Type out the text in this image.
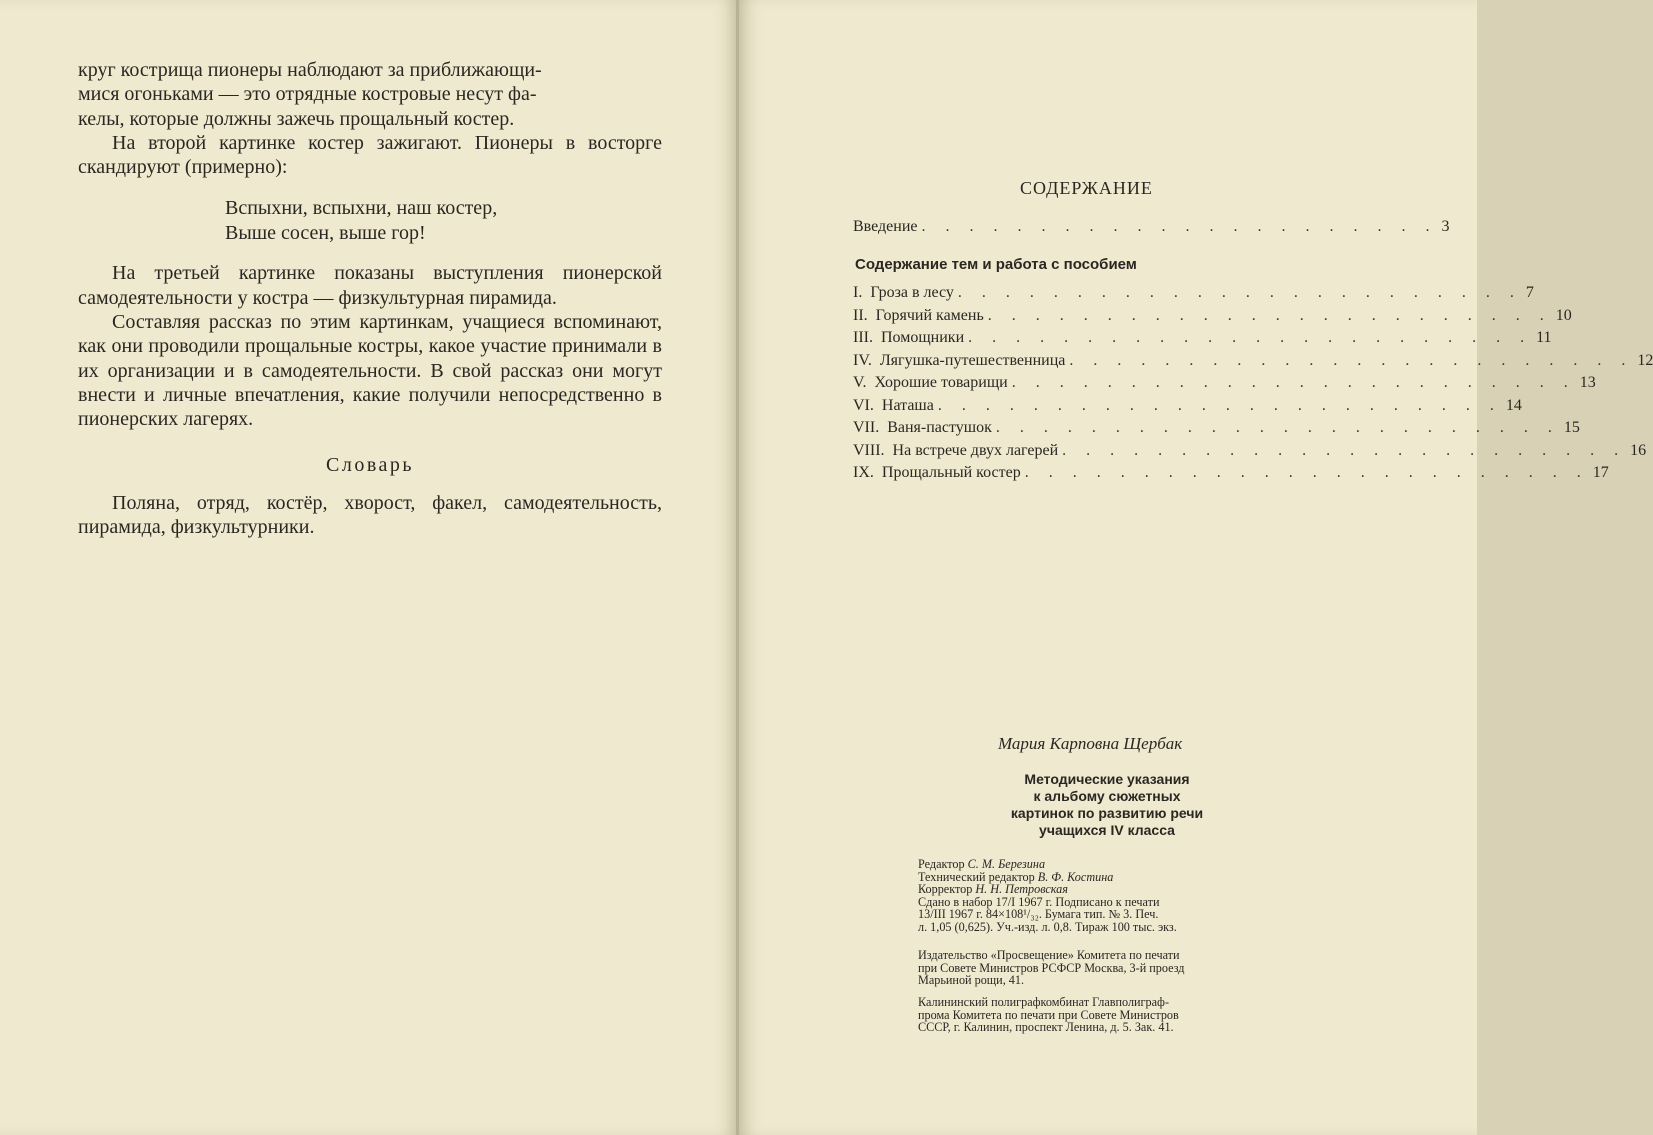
круг кострища пионеры наблюдают за приближающи-
мися огоньками — это отрядные костровые несут фа-
келы, которые должны зажечь прощальный костер.

На второй картинке костер зажигают. Пионеры в восторге скандируют (примерно):

Вспыхни, вспыхни, наш костер,
Выше сосен, выше гор!

На третьей картинке показаны выступления пионерской самодеятельности у костра — физкультурная пирамида.

Составляя рассказ по этим картинкам, учащиеся вспоминают, как они проводили прощальные костры, какое участие принимали в их организации и в самодеятельности. В свой рассказ они могут внести и личные впечатления, какие получили непосредственно в пионерских лагерях.

Словарь

Поляна, отряд, костёр, хворост, факел, самодеятельность, пирамида, физкультурники.

СОДЕРЖАНИЕ
Введение . . . . . . . . . . . . . . . . . . . . . . 3
Содержание тем и работа с пособием
I. Гроза в лесу . . . . . . . . . . . . . . . . . . . . . . . . 7
II. Горячий камень . . . . . . . . . . . . . . . . . . . . . . . . 10
III. Помощники . . . . . . . . . . . . . . . . . . . . . . . . 11
IV. Лягушка-путешественница . . . . . . . . . . . . . . . . . . . . . . . . 12
V. Хорошие товарищи . . . . . . . . . . . . . . . . . . . . . . . . 13
VI. Наташа . . . . . . . . . . . . . . . . . . . . . . . . 14
VII. Ваня-пастушок . . . . . . . . . . . . . . . . . . . . . . . . 15
VIII. На встрече двух лагерей . . . . . . . . . . . . . . . . . . . . . . . . 16
IX. Прощальный костер . . . . . . . . . . . . . . . . . . . . . . . . 17
Мария Карповна Щербак
Методические указания
к альбому сюжетных
картинок по развитию речи
учащихся IV класса
Редактор С. М. Березина
Технический редактор В. Ф. Костина
Корректор Н. Н. Петровская
Сдано в набор 17/I 1967 г. Подписано к печати
13/III 1967 г. 84×108¹/₃₂. Бумага тип. № 3. Печ.
л. 1,05 (0,625). Уч.-изд. л. 0,8. Тираж 100 тыс. экз.
Издательство «Просвещение» Комитета по печати
при Совете Министров РСФСР Москва, 3-й проезд
Марьиной рощи, 41.
Калининский полиграфкомбинат Главполиграф-
прома Комитета по печати при Совете Министров
СССР, г. Калинин, проспект Ленина, д. 5. Зак. 41.
